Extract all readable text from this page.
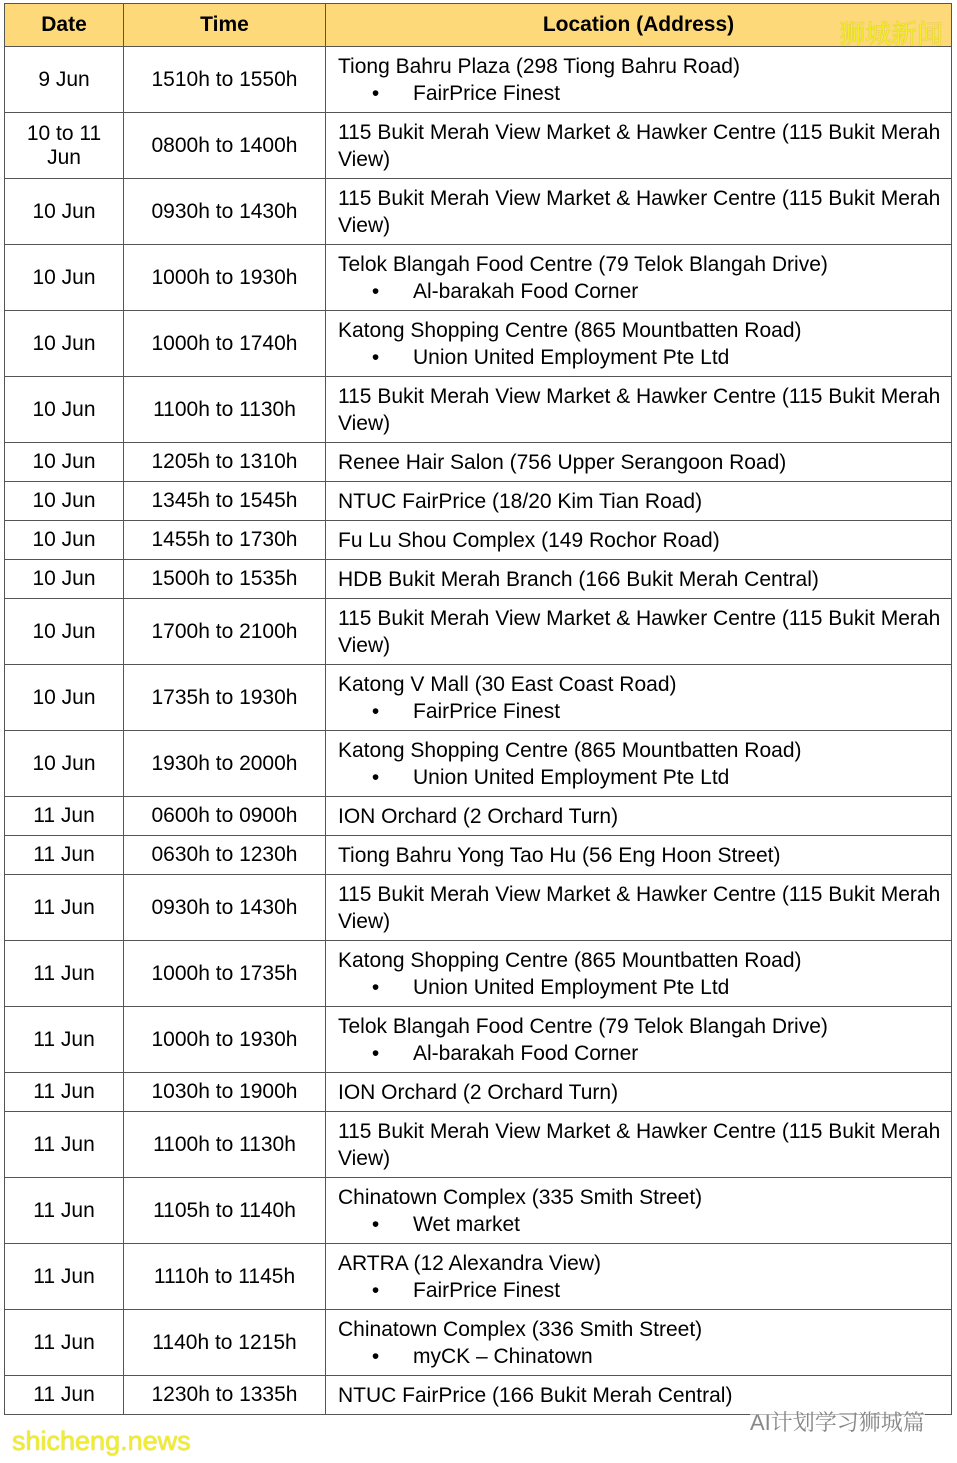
Date	Time	Location (Address)
9 Jun	1510h to 1550h	Tiong Bahru Plaza (298 Tiong Bahru Road)
• FairPrice Finest

10 to 11 Jun	0800h to 1400h	115 Bukit Merah View Market & Hawker Centre (115 Bukit Merah View)

10 Jun	0930h to 1430h	115 Bukit Merah View Market & Hawker Centre (115 Bukit Merah View)

10 Jun	1000h to 1930h	Telok Blangah Food Centre (79 Telok Blangah Drive)
• Al-barakah Food Corner

10 Jun	1000h to 1740h	Katong Shopping Centre (865 Mountbatten Road)
• Union United Employment Pte Ltd

10 Jun	1100h to 1130h	115 Bukit Merah View Market & Hawker Centre (115 Bukit Merah View)

10 Jun	1205h to 1310h	Renee Hair Salon (756 Upper Serangoon Road)

10 Jun	1345h to 1545h	NTUC FairPrice (18/20 Kim Tian Road)

10 Jun	1455h to 1730h	Fu Lu Shou Complex (149 Rochor Road)

10 Jun	1500h to 1535h	HDB Bukit Merah Branch (166 Bukit Merah Central)

10 Jun	1700h to 2100h	115 Bukit Merah View Market & Hawker Centre (115 Bukit Merah View)

10 Jun	1735h to 1930h	Katong V Mall (30 East Coast Road)
• FairPrice Finest

10 Jun	1930h to 2000h	Katong Shopping Centre (865 Mountbatten Road)
• Union United Employment Pte Ltd

11 Jun	0600h to 0900h	ION Orchard (2 Orchard Turn)

11 Jun	0630h to 1230h	Tiong Bahru Yong Tao Hu (56 Eng Hoon Street)

11 Jun	0930h to 1430h	115 Bukit Merah View Market & Hawker Centre (115 Bukit Merah View)

11 Jun	1000h to 1735h	Katong Shopping Centre (865 Mountbatten Road)
• Union United Employment Pte Ltd

11 Jun	1000h to 1930h	Telok Blangah Food Centre (79 Telok Blangah Drive)
• Al-barakah Food Corner

11 Jun	1030h to 1900h	ION Orchard (2 Orchard Turn)

11 Jun	1100h to 1130h	115 Bukit Merah View Market & Hawker Centre (115 Bukit Merah View)

11 Jun	1105h to 1140h	Chinatown Complex (335 Smith Street)
• Wet market

11 Jun	1110h to 1145h	ARTRA (12 Alexandra View)
• FairPrice Finest

11 Jun	1140h to 1215h	Chinatown Complex (336 Smith Street)
• myCK – Chinatown

11 Jun	1230h to 1335h	NTUC FairPrice (166 Bukit Merah Central)
狮城新闻
shicheng.news
AI计划学习狮城篇
